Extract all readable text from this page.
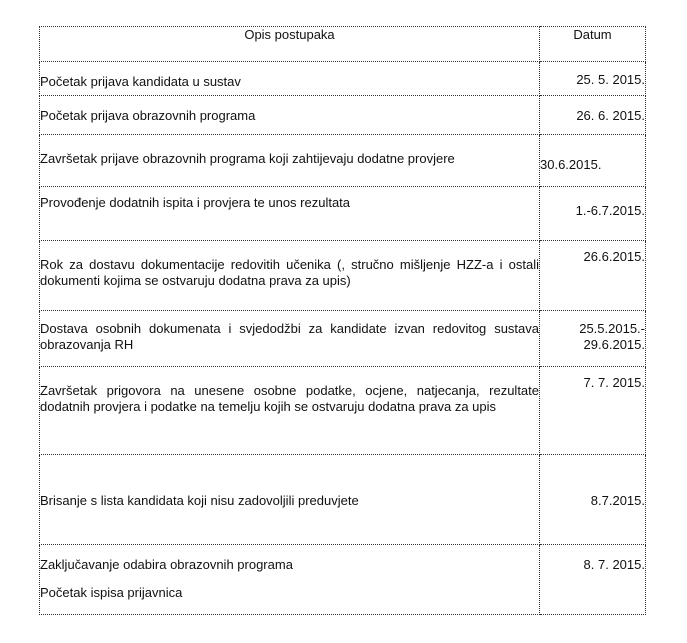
Opis postupaka	Datum
Početak prijava kandidata u sustav	25. 5. 2015.
Početak prijava obrazovnih programa	26. 6. 2015.
Završetak prijave obrazovnih programa koji zahtijevaju dodatne provjere	30.6.2015.
Provođenje dodatnih ispita i provjera te unos rezultata	1.-6.7.2015.

Rok za dostavu dokumentacije redovitih učenika (, stručno mišljenje HZZ-a i ostali
dokumenti kojima se ostvaruju dodatna prava za upis)	26.6.2015.

Dostava osobnih dokumenata i svjedodžbi za kandidate izvan redovitog sustava
obrazovanja RH	25.5.2015.-
29.6.2015.

Završetak prigovora na unesene osobne podatke, ocjene, natjecanja, rezultate
dodatnih provjera i podatke na temelju kojih se ostvaruju dodatna prava za upis	7. 7. 2015.
Brisanje s lista kandidata koji nisu zadovoljili preduvjete	8.7.2015.

Zaključavanje odabira obrazovnih programa
Početak ispisa prijavnica	8. 7. 2015.
